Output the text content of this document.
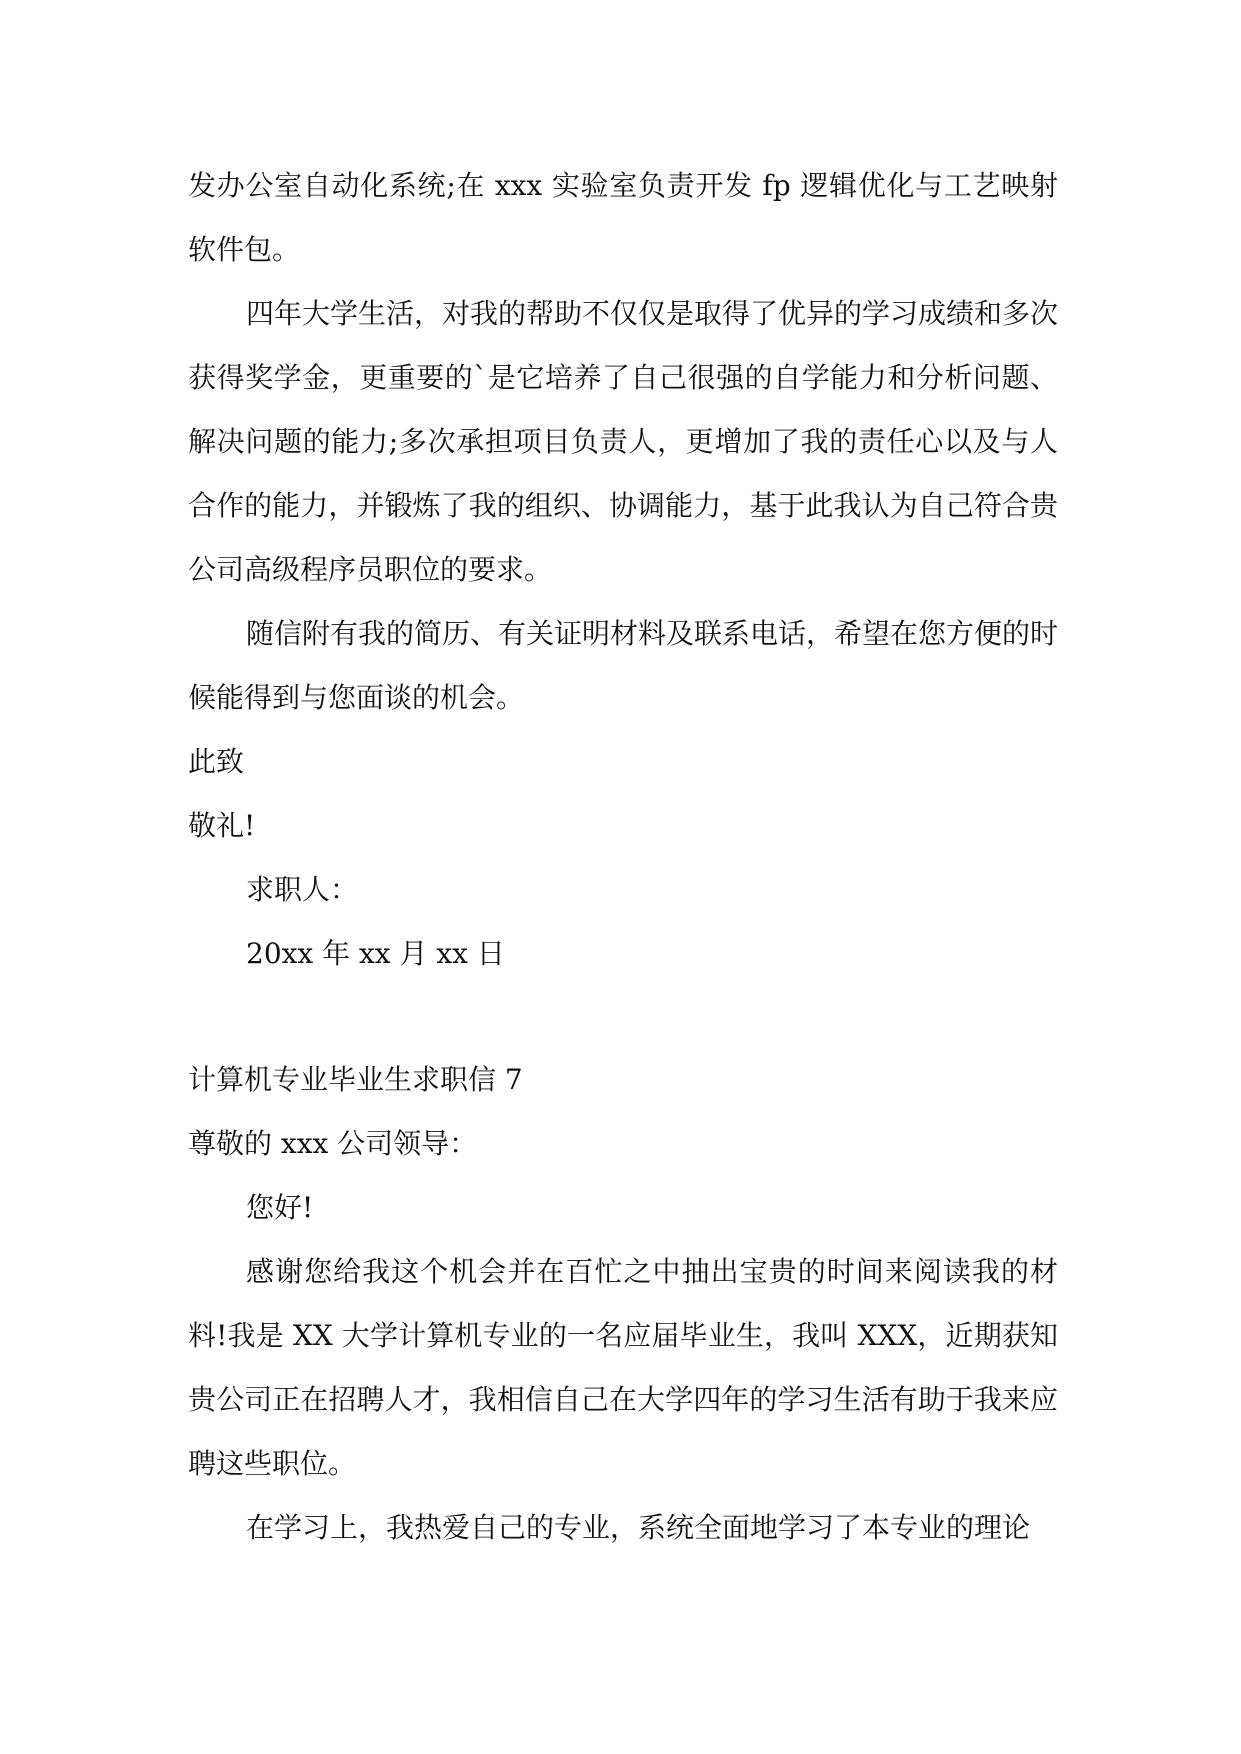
发办公室自动化系统;在 xxx 实验室负责开发 fp 逻辑优化与工艺映射软件包。

四年大学生活，对我的帮助不仅仅是取得了优异的学习成绩和多次获得奖学金，更重要的`是它培养了自己很强的自学能力和分析问题、解决问题的能力;多次承担项目负责人，更增加了我的责任心以及与人合作的能力，并锻炼了我的组织、协调能力，基于此我认为自己符合贵公司高级程序员职位的要求。

随信附有我的简历、有关证明材料及联系电话，希望在您方便的时候能得到与您面谈的机会。

此致

敬礼!

求职人：

20xx 年 xx 月 xx 日

计算机专业毕业生求职信 7

尊敬的 xxx 公司领导：

您好!

感谢您给我这个机会并在百忙之中抽出宝贵的时间来阅读我的材料!我是 XX 大学计算机专业的一名应届毕业生，我叫 XXX，近期获知贵公司正在招聘人才，我相信自己在大学四年的学习生活有助于我来应聘这些职位。

在学习上，我热爱自己的专业，系统全面地学习了本专业的理论
